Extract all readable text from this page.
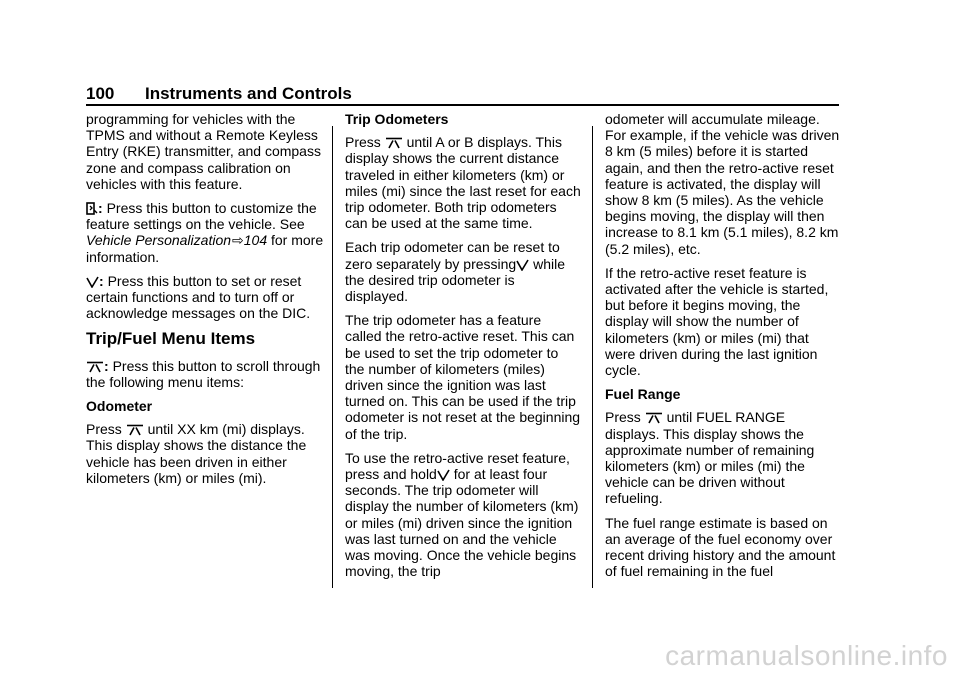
100 Instruments and Controls

programming for vehicles with the TPMS and without a Remote Keyless Entry (RKE) transmitter, and compass zone and compass calibration on vehicles with this feature.

: Press this button to customize the feature settings on the vehicle. See Vehicle Personalization⇨104 for more information.

: Press this button to set or reset certain functions and to turn off or acknowledge messages on the DIC.

Trip/Fuel Menu Items

: Press this button to scroll through the following menu items:

Odometer

Press  until XX km (mi) displays. This display shows the distance the vehicle has been driven in either kilometers (km) or miles (mi).

Trip Odometers

Press  until A or B displays. This display shows the current distance traveled in either kilometers (km) or miles (mi) since the last reset for each trip odometer. Both trip odometers can be used at the same time.

Each trip odometer can be reset to zero separately by pressing while the desired trip odometer is displayed.

The trip odometer has a feature called the retro-active reset. This can be used to set the trip odometer to the number of kilometers (miles) driven since the ignition was last turned on. This can be used if the trip odometer is not reset at the beginning of the trip.

To use the retro-active reset feature, press and hold for at least four seconds. The trip odometer will display the number of kilometers (km) or miles (mi) driven since the ignition was last turned on and the vehicle was moving. Once the vehicle begins moving, the trip

odometer will accumulate mileage. For example, if the vehicle was driven 8 km (5 miles) before it is started again, and then the retro-active reset feature is activated, the display will show 8 km (5 miles). As the vehicle begins moving, the display will then increase to 8.1 km (5.1 miles), 8.2 km (5.2 miles), etc.

If the retro-active reset feature is activated after the vehicle is started, but before it begins moving, the display will show the number of kilometers (km) or miles (mi) that were driven during the last ignition cycle.

Fuel Range

Press  until FUEL RANGE displays. This display shows the approximate number of remaining kilometers (km) or miles (mi) the vehicle can be driven without refueling.

The fuel range estimate is based on an average of the fuel economy over recent driving history and the amount of fuel remaining in the fuel

carmanualsonline.info
